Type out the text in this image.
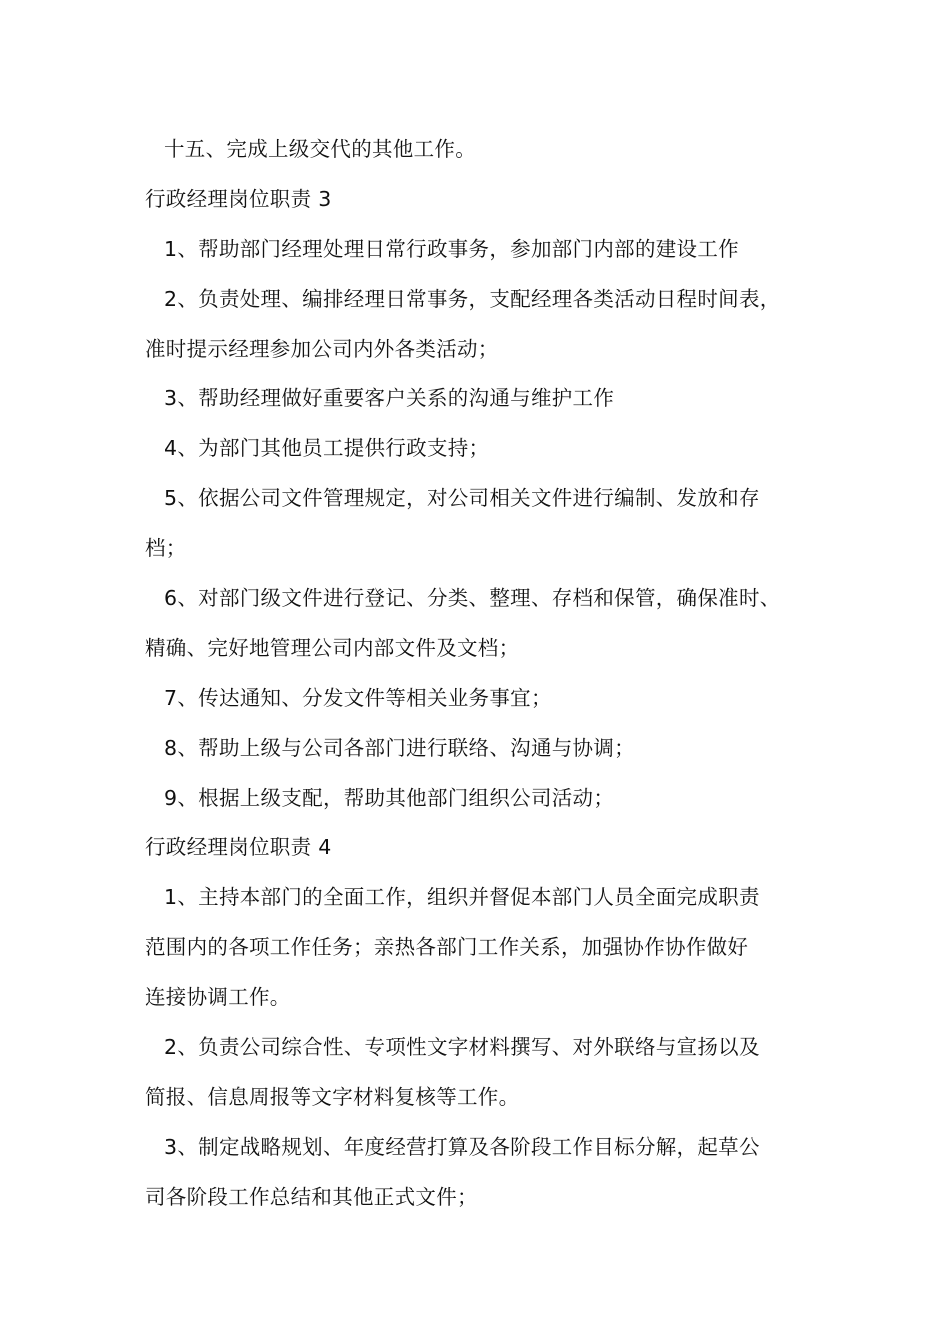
十五、完成上级交代的其他工作。
行政经理岗位职责 3
1、帮助部门经理处理日常行政事务，参加部门内部的建设工作
2、负责处理、编排经理日常事务，支配经理各类活动日程时间表，
准时提示经理参加公司内外各类活动；
3、帮助经理做好重要客户关系的沟通与维护工作
4、为部门其他员工提供行政支持；
5、依据公司文件管理规定，对公司相关文件进行编制、发放和存
档；
6、对部门级文件进行登记、分类、整理、存档和保管，确保准时、
精确、完好地管理公司内部文件及文档；
7、传达通知、分发文件等相关业务事宜；
8、帮助上级与公司各部门进行联络、沟通与协调；
9、根据上级支配，帮助其他部门组织公司活动；
行政经理岗位职责 4
1、主持本部门的全面工作，组织并督促本部门人员全面完成职责
范围内的各项工作任务；亲热各部门工作关系，加强协作协作做好
连接协调工作。
2、负责公司综合性、专项性文字材料撰写、对外联络与宣扬以及
简报、信息周报等文字材料复核等工作。
3、制定战略规划、年度经营打算及各阶段工作目标分解，起草公
司各阶段工作总结和其他正式文件；
